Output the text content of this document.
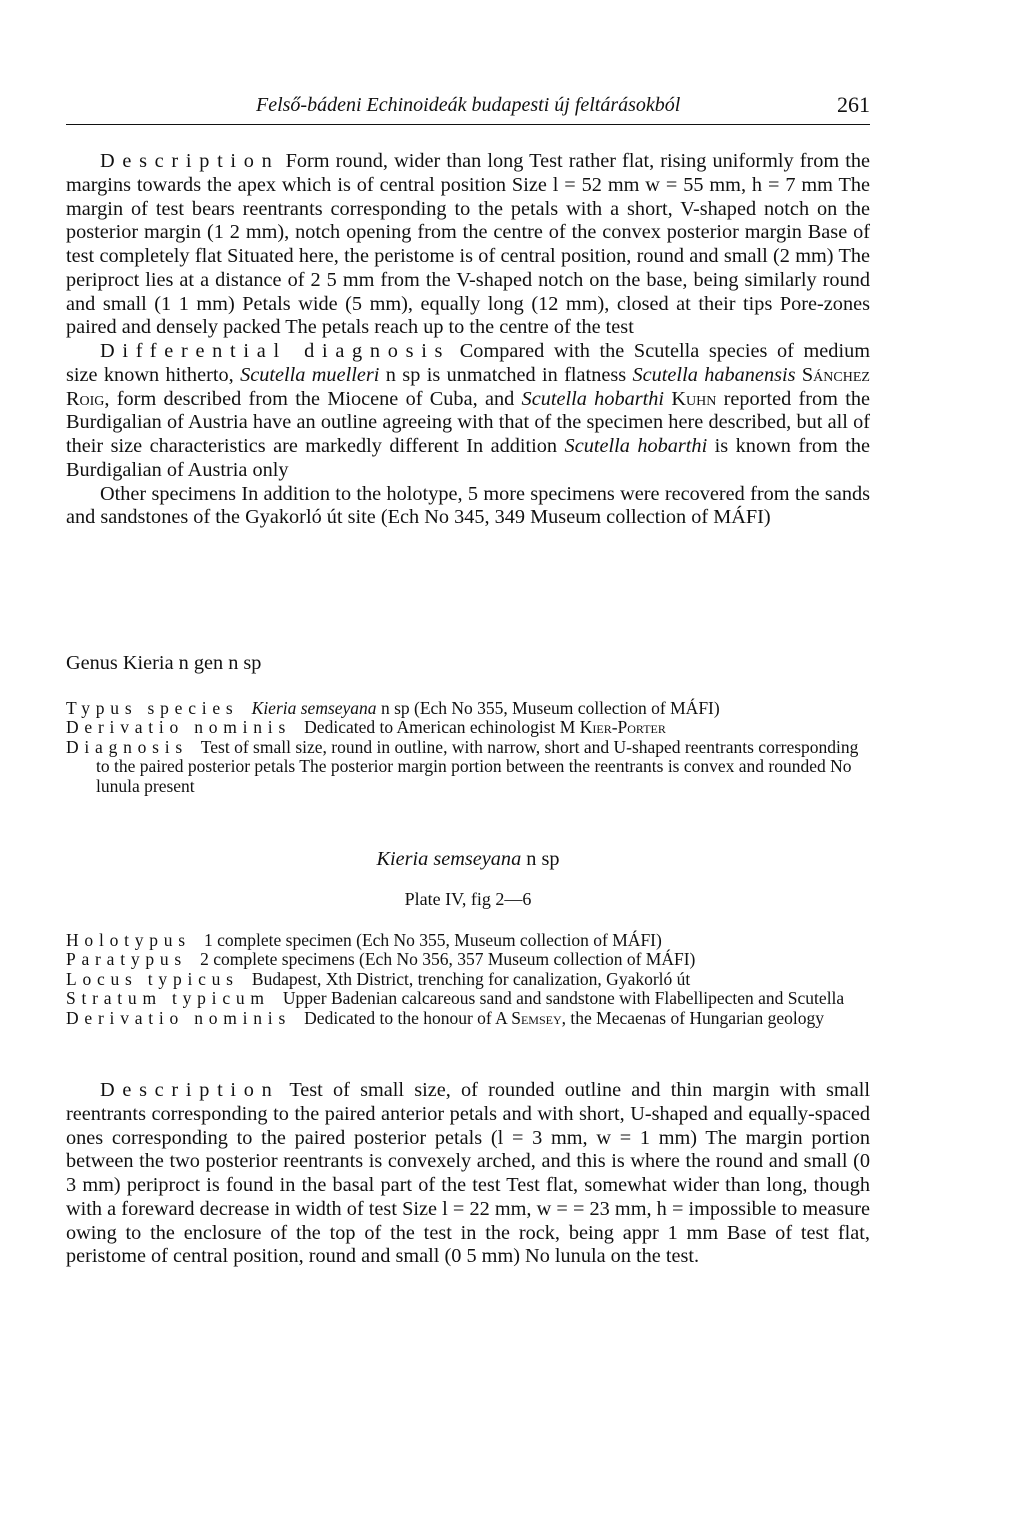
Felső-bádeni Echinoideák budapesti új feltárásokból	261

Description Form round, wider than long Test rather flat, rising uniformly from the margins towards the apex which is of central position Size l = 52 mm w = 55 mm, h = 7 mm The margin of test bears reentrants corresponding to the petals with a short, V-shaped notch on the posterior margin (1 2 mm), notch opening from the centre of the convex posterior margin Base of test completely flat Situated here, the peristome is of central position, round and small (2 mm) The periproct lies at a distance of 2 5 mm from the V-shaped notch on the base, being similarly round and small (1 1 mm) Petals wide (5 mm), equally long (12 mm), closed at their tips Pore-zones paired and densely packed The petals reach up to the centre of the test

Differential diagnosis Compared with the Scutella species of medium size known hitherto, Scutella muelleri n sp is unmatched in flatness Scutella habanensis Sánchez Roig, form described from the Miocene of Cuba, and Scutella hobarthi Kuhn reported from the Burdigalian of Austria have an outline agreeing with that of the specimen here described, but all of their size characteristics are markedly different In addition Scutella hobarthi is known from the Burdigalian of Austria only

Other specimens In addition to the holotype, 5 more specimens were recovered from the sands and sandstones of the Gyakorló út site (Ech No 345, 349 Museum collection of MÁFI)

Genus Kieria n gen n sp

Typus species Kieria semseyana n sp (Ech No 355, Museum collection of MÁFI)

Derivatio nominis Dedicated to American echinologist M Kier-Porter

Diagnosis Test of small size, round in outline, with narrow, short and U-shaped reentrants corresponding to the paired posterior petals The posterior margin portion between the reentrants is convex and rounded No lunula present

Kieria semseyana n sp
Plate IV, fig 2—6

Holotypus 1 complete specimen (Ech No 355, Museum collection of MÁFI)

Paratypus 2 complete specimens (Ech No 356, 357 Museum collection of MÁFI)

Locus typicus Budapest, Xth District, trenching for canalization, Gyakorló út

Stratum typicum Upper Badenian calcareous sand and sandstone with Flabellipecten and Scutella

Derivatio nominis Dedicated to the honour of A Semsey, the Mecaenas of Hungarian geology

Description Test of small size, of rounded outline and thin margin with small reentrants corresponding to the paired anterior petals and with short, U-shaped and equally-spaced ones corresponding to the paired posterior petals (l = 3 mm, w = 1 mm) The margin portion between the two posterior reentrants is convexely arched, and this is where the round and small (0 3 mm) periproct is found in the basal part of the test Test flat, somewhat wider than long, though with a foreward decrease in width of test Size l = 22 mm, w = = 23 mm, h = impossible to measure owing to the enclosure of the top of the test in the rock, being appr 1 mm Base of test flat, peristome of central position, round and small (0 5 mm) No lunula on the test.
